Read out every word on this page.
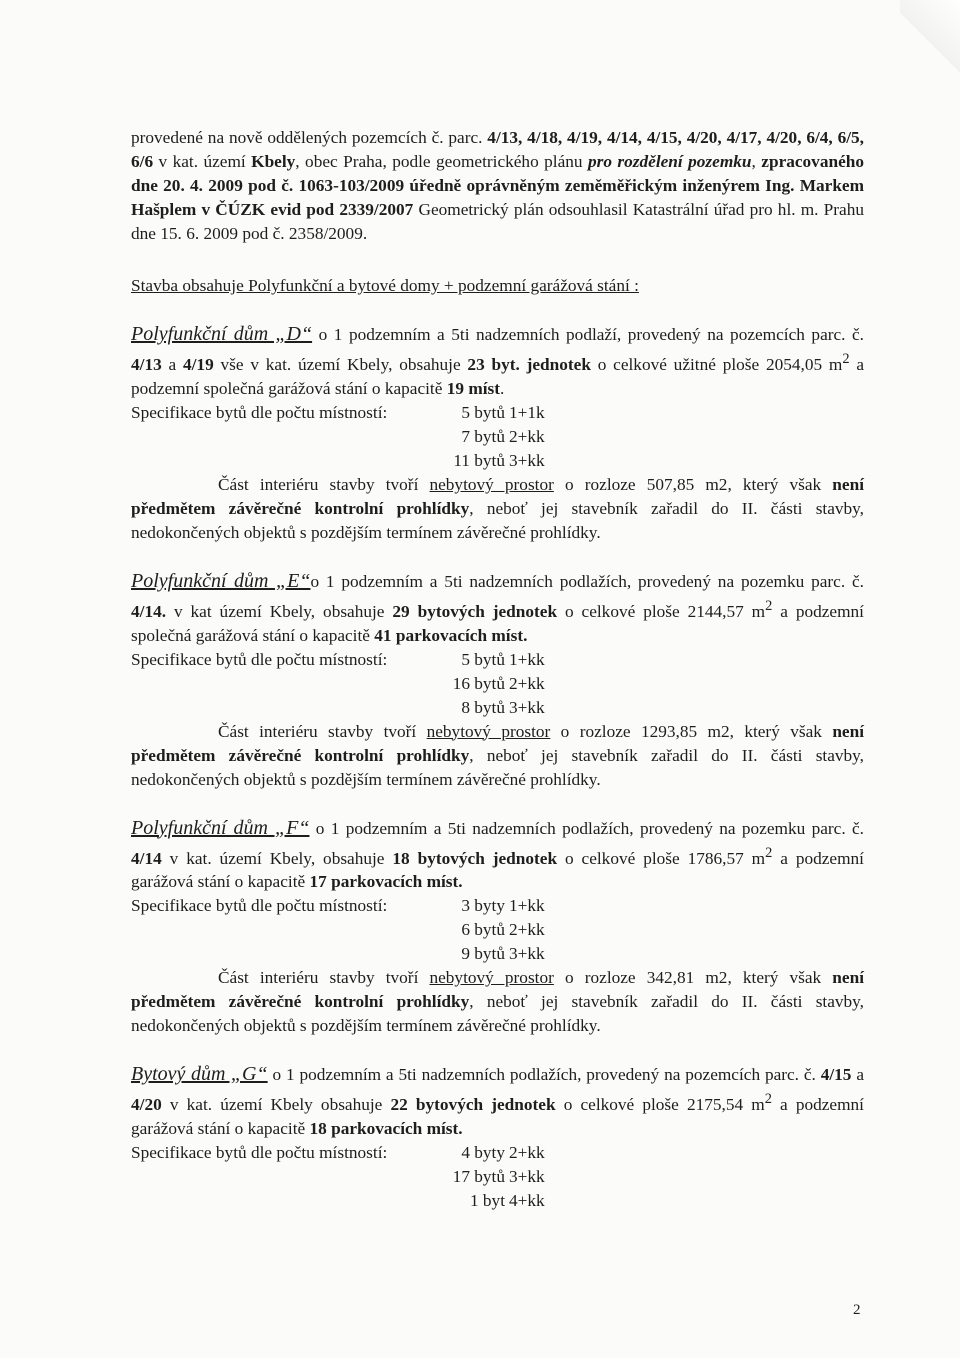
provedené na nově oddělených pozemcích č. parc. 4/13, 4/18, 4/19, 4/14, 4/15, 4/20, 4/17, 4/20, 6/4, 6/5, 6/6 v kat. území Kbely, obec Praha, podle geometrického plánu pro rozdělení pozemku, zpracovaného dne 20. 4. 2009 pod č. 1063-103/2009 úředně oprávněným zeměměřickým inženýrem Ing. Markem Hašplem v ČÚZK evid pod 2339/2007 Geometrický plán odsouhlasil Katastrální úřad pro hl. m. Prahu dne 15. 6. 2009 pod č. 2358/2009.

Stavba obsahuje Polyfunkční a bytové domy + podzemní garážová stání :

Polyfunkční dům „D“ o 1 podzemním a 5ti nadzemních podlaží, provedený na pozemcích parc. č. 4/13 a 4/19 vše v kat. území Kbely, obsahuje 23 byt. jednotek o celkové užitné ploše 2054,05 $m^2$ a podzemní společná garážová stání o kapacitě 19 míst.

Specifikace bytů dle počtu místností:	5 bytů 1+1k
7 bytů 2+kk
11 bytů 3+kk

Část interiéru stavby tvoří nebytový prostor o rozloze 507,85 m2, který však není předmětem závěrečné kontrolní prohlídky, neboť jej stavebník zařadil do II. části stavby, nedokončených objektů s pozdějším termínem závěrečné prohlídky.

Polyfunkční dům „E“o 1 podzemním a 5ti nadzemních podlažích, provedený na pozemku parc. č. 4/14. v kat území Kbely, obsahuje 29 bytových jednotek o celkové ploše 2144,57 $m^2$ a podzemní společná garážová stání o kapacitě 41 parkovacích míst.

Specifikace bytů dle počtu místností:	5 bytů 1+kk
16 bytů 2+kk
8 bytů 3+kk

Část interiéru stavby tvoří nebytový prostor o rozloze 1293,85 m2, který však není předmětem závěrečné kontrolní prohlídky, neboť jej stavebník zařadil do II. části stavby, nedokončených objektů s pozdějším termínem závěrečné prohlídky.

Polyfunkční dům „F“ o 1 podzemním a 5ti nadzemních podlažích, provedený na pozemku parc. č. 4/14 v kat. území Kbely, obsahuje 18 bytových jednotek o celkové ploše 1786,57 $m^2$ a podzemní garážová stání o kapacitě 17 parkovacích míst.

Specifikace bytů dle počtu místností:	3 byty 1+kk
6 bytů 2+kk
9 bytů 3+kk

Část interiéru stavby tvoří nebytový prostor o rozloze 342,81 m2, který však není předmětem závěrečné kontrolní prohlídky, neboť jej stavebník zařadil do II. části stavby, nedokončených objektů s pozdějším termínem závěrečné prohlídky.

Bytový dům „G“ o 1 podzemním a 5ti nadzemních podlažích, provedený na pozemcích parc. č. 4/15 a 4/20 v kat. území Kbely obsahuje 22 bytových jednotek o celkové ploše 2175,54 $m^2$ a podzemní garážová stání o kapacitě 18 parkovacích míst.

Specifikace bytů dle počtu místností:	4 byty 2+kk
17 bytů 3+kk
1 byt 4+kk
2
